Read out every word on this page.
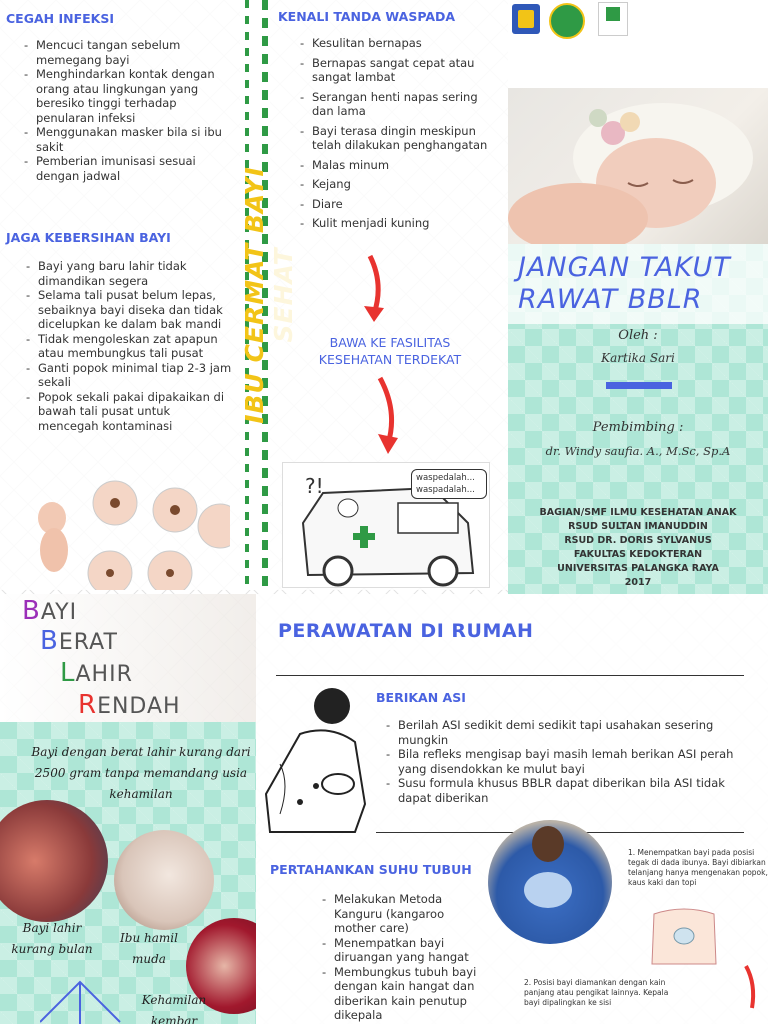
CEGAH INFEKSI
- Mencuci tangan sebelum memegang bayi
- Menghindarkan kontak dengan orang atau lingkungan yang beresiko tinggi terhadap penularan infeksi
- Menggunakan masker bila si ibu sakit
- Pemberian imunisasi sesuai dengan jadwal
JAGA KEBERSIHAN BAYI
- Bayi yang baru lahir tidak dimandikan segera
- Selama tali pusat belum lepas, sebaiknya bayi diseka dan tidak dicelupkan ke dalam bak mandi
- Tidak mengoleskan zat apapun atau membungkus tali pusat
- Ganti popok minimal tiap 2-3 jam sekali
- Popok sekali pakai dipakaikan di bawah tali pusat untuk mencegah kontaminasi
IBU CERMAT BAYI
KENALI TANDA WASPADA
- Kesulitan bernapas
- Bernapas sangat cepat atau sangat lambat
- Serangan henti napas sering dan lama
- Bayi terasa dingin meskipun telah dilakukan penghangatan
- Malas minum
- Kejang
- Diare
- Kulit menjadi kuning
BAWA KE FASILITAS KESEHATAN TERDEKAT
?!	waspedalah...
waspadalah...
JANGAN TAKUT
RAWAT BBLR
Oleh :
Kartika Sari
Pembimbing :
dr. Windy saufia. A., M.Sc, Sp.A
BAGIAN/SMF ILMU KESEHATAN ANAK
RSUD SULTAN IMANUDDIN
RSUD DR. DORIS SYLVANUS
FAKULTAS KEDOKTERAN
UNIVERSITAS PALANGKA RAYA
2017
BAYI
BERAT
LAHIR
RENDAH
Bayi dengan berat lahir kurang dari 2500 gram tanpa memandang usia kehamilan
Bayi lahir kurang bulan
Ibu hamil muda
Kehamilan kembar
PERAWATAN DI RUMAH
BERIKAN ASI
- Berilah ASI sedikit demi sedikit tapi usahakan sesering mungkin
- Bila refleks mengisap bayi masih lemah berikan ASI perah yang disendokkan ke mulut bayi
- Susu formula khusus BBLR dapat diberikan bila ASI tidak dapat diberikan
PERTAHANKAN SUHU TUBUH
- Melakukan Metoda Kanguru (kangaroo mother care)
- Menempatkan bayi diruangan yang hangat
- Membungkus tubuh bayi dengan kain hangat dan diberikan kain penutup dikepala
1. Menempatkan bayi pada posisi tegak di dada ibunya. Bayi dibiarkan telanjang hanya mengenakan popok, kaus kaki dan topi
2. Posisi bayi diamankan dengan kain panjang atau pengikat lainnya. Kepala bayi dipalingkan ke sisi
